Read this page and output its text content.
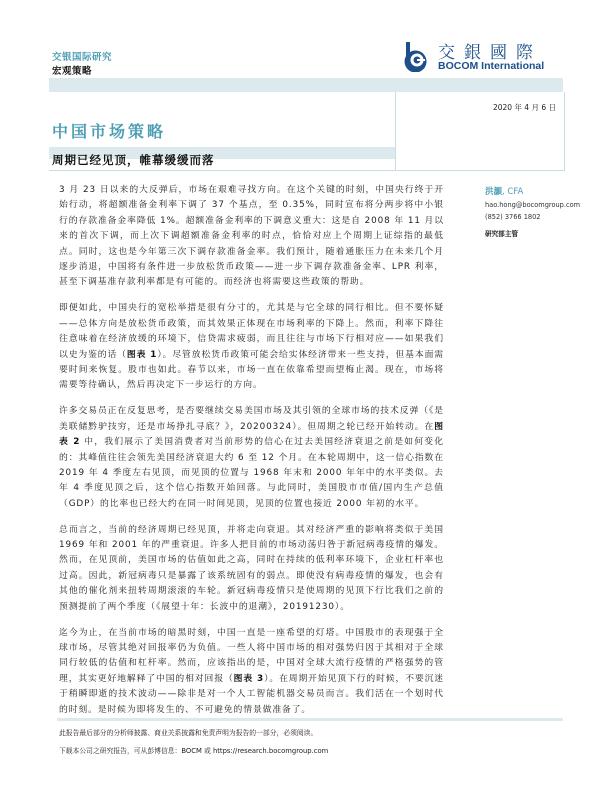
交银国际研究
宏观策略
交銀國際
BOCOM International
2020 年 4 月 6 日
中国市场策略
周期已经见顶，帷幕缓缓而落

3 月 23 日以来的大反弹后，市场在艰难寻找方向。在这个关键的时刻，中国央行终于开始行动，将超额准备金利率下调了 37 个基点，至 0.35%，同时宣布将分两步将中小银行的存款准备金率降低 1%。超额准备金利率的下调意义重大：这是自 2008 年 11 月以来的首次下调，而上次下调超额准备金利率的时点，恰恰对应上个周期上证综指的最低点。同时，这也是今年第三次下调存款准备金率。我们预计，随着通胀压力在未来几个月逐步消退，中国将有条件进一步放松货币政策——进一步下调存款准备金率、LPR 利率，甚至下调基准存款利率都是有可能的。而经济也将需要这些政策的帮助。

即便如此，中国央行的宽松举措是很有分寸的，尤其是与它全球的同行相比。但不要怀疑——总体方向是放松货币政策，而其效果正体现在市场利率的下降上。然而，利率下降往往意味着在经济放缓的环境下，信贷需求疲弱，而且往往与市场下行相对应——如果我们以史为鉴的话（图表 1）。尽管放松货币政策可能会给实体经济带来一些支持，但基本面需要时间来恢复。股市也如此。春节以来，市场一直在依靠希望而望梅止渴。现在，市场将需要等待确认，然后再决定下一步运行的方向。

许多交易员正在反复思考，是否要继续交易美国市场及其引领的全球市场的技术反弹（《是美联储黔驴技穷，还是市场挣扎寻底？》，20200324）。但周期之轮已经开始转动。在图表 2 中，我们展示了美国消费者对当前形势的信心在过去美国经济衰退之前是如何变化的：其峰值往往会领先美国经济衰退大约 6 至 12 个月。在本轮周期中，这一信心指数在 2019 年 4 季度左右见顶，而见顶的位置与 1968 年末和 2000 年年中的水平类似。去年 4 季度见顶之后，这个信心指数开始回落。与此同时，美国股市市值/国内生产总值（GDP）的比率也已经大约在同一时间见顶，见顶的位置也接近 2000 年初的水平。

总而言之，当前的经济周期已经见顶，并将走向衰退。其对经济严重的影响将类似于美国 1969 年和 2001 年的严重衰退。许多人把目前的市场动荡归咎于新冠病毒疫情的爆发。然而，在见顶前，美国市场的估值如此之高，同时在持续的低利率环境下，企业杠杆率也过高。因此，新冠病毒只是暴露了该系统固有的弱点。即使没有病毒疫情的爆发，也会有其他的催化剂来扭转周期滚滚的车轮。新冠病毒疫情只是使周期的见顶下行比我们之前的预测提前了两个季度（《展望十年：长波中的退潮》，20191230）。

迄今为止，在当前市场的暗黑时刻，中国一直是一座希望的灯塔。中国股市的表现强于全球市场，尽管其绝对回报率仍为负值。一些人将中国市场的相对强势归因于其相对于全球同行较低的估值和杠杆率。然而，应该指出的是，中国对全球大流行疫情的严格强势的管理，其实更好地解释了中国的相对回报（图表 3）。在周期开始见顶下行的时候，不要沉迷于稍瞬即逝的技术波动——除非是对一个人工智能机器交易员而言。我们活在一个划时代的时刻。是时候为即将发生的、不可避免的情景做准备了。

洪灝, CFA
hao.hong@bocomgroup.com
(852) 3766 1802
研究部主管
此报告最后部分的分析师披露、商业关系披露和免责声明为报告的一部分，必须阅读。
下载本公司之研究报告，可从彭博信息：BOCM 或 https://research.bocomgroup.com
